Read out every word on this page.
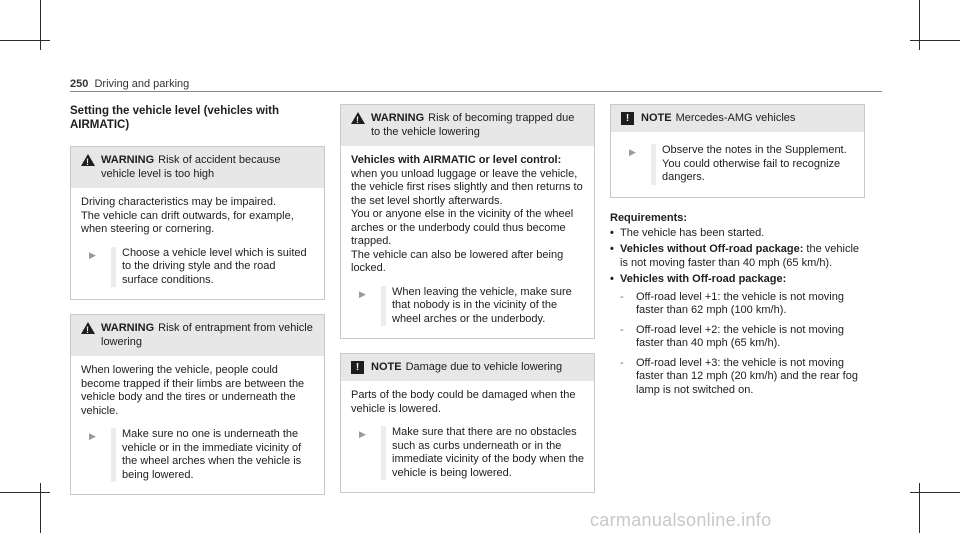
250 Driving and parking
Setting the vehicle level (vehicles with AIRMATIC)
!
WARNING Risk of accident because vehicle level is too high

Driving characteristics may be impaired.

The vehicle can drift outwards, for example, when steering or cornering.

▶	Choose a vehicle level which is suited to the driving style and the road surface conditions.
!
WARNING Risk of entrapment from vehicle lowering

When lowering the vehicle, people could become trapped if their limbs are between the vehicle body and the tires or underneath the vehicle.

▶	Make sure no one is underneath the vehicle or in the immediate vicinity of the wheel arches when the vehicle is being lowered.
!
WARNING Risk of becoming trapped due to the vehicle lowering

Vehicles with AIRMATIC or level control: when you unload luggage or leave the vehicle, the vehicle first rises slightly and then returns to the set level shortly afterwards.

You or anyone else in the vicinity of the wheel arches or the underbody could thus become trapped.

The vehicle can also be lowered after being locked.

▶	When leaving the vehicle, make sure that nobody is in the vicinity of the wheel arches or the underbody.
!	NOTE Damage due to vehicle lowering

Parts of the body could be damaged when the vehicle is lowered.

▶	Make sure that there are no obstacles such as curbs underneath or in the immediate vicinity of the body when the vehicle is being lowered.
!	NOTE Mercedes-AMG vehicles
▶	Observe the notes in the Supplement. You could otherwise fail to recognize dangers.
Requirements:
• The vehicle has been started.
• Vehicles without Off-road package: the vehicle is not moving faster than 40 mph (65 km/h).
• Vehicles with Off-road package:
-	Off-road level +1: the vehicle is not moving faster than 62 mph (100 km/h).
-	Off-road level +2: the vehicle is not moving faster than 40 mph (65 km/h).
-	Off-road level +3: the vehicle is not moving faster than 12 mph (20 km/h) and the rear fog lamp is not switched on.
carmanualsonline.info
